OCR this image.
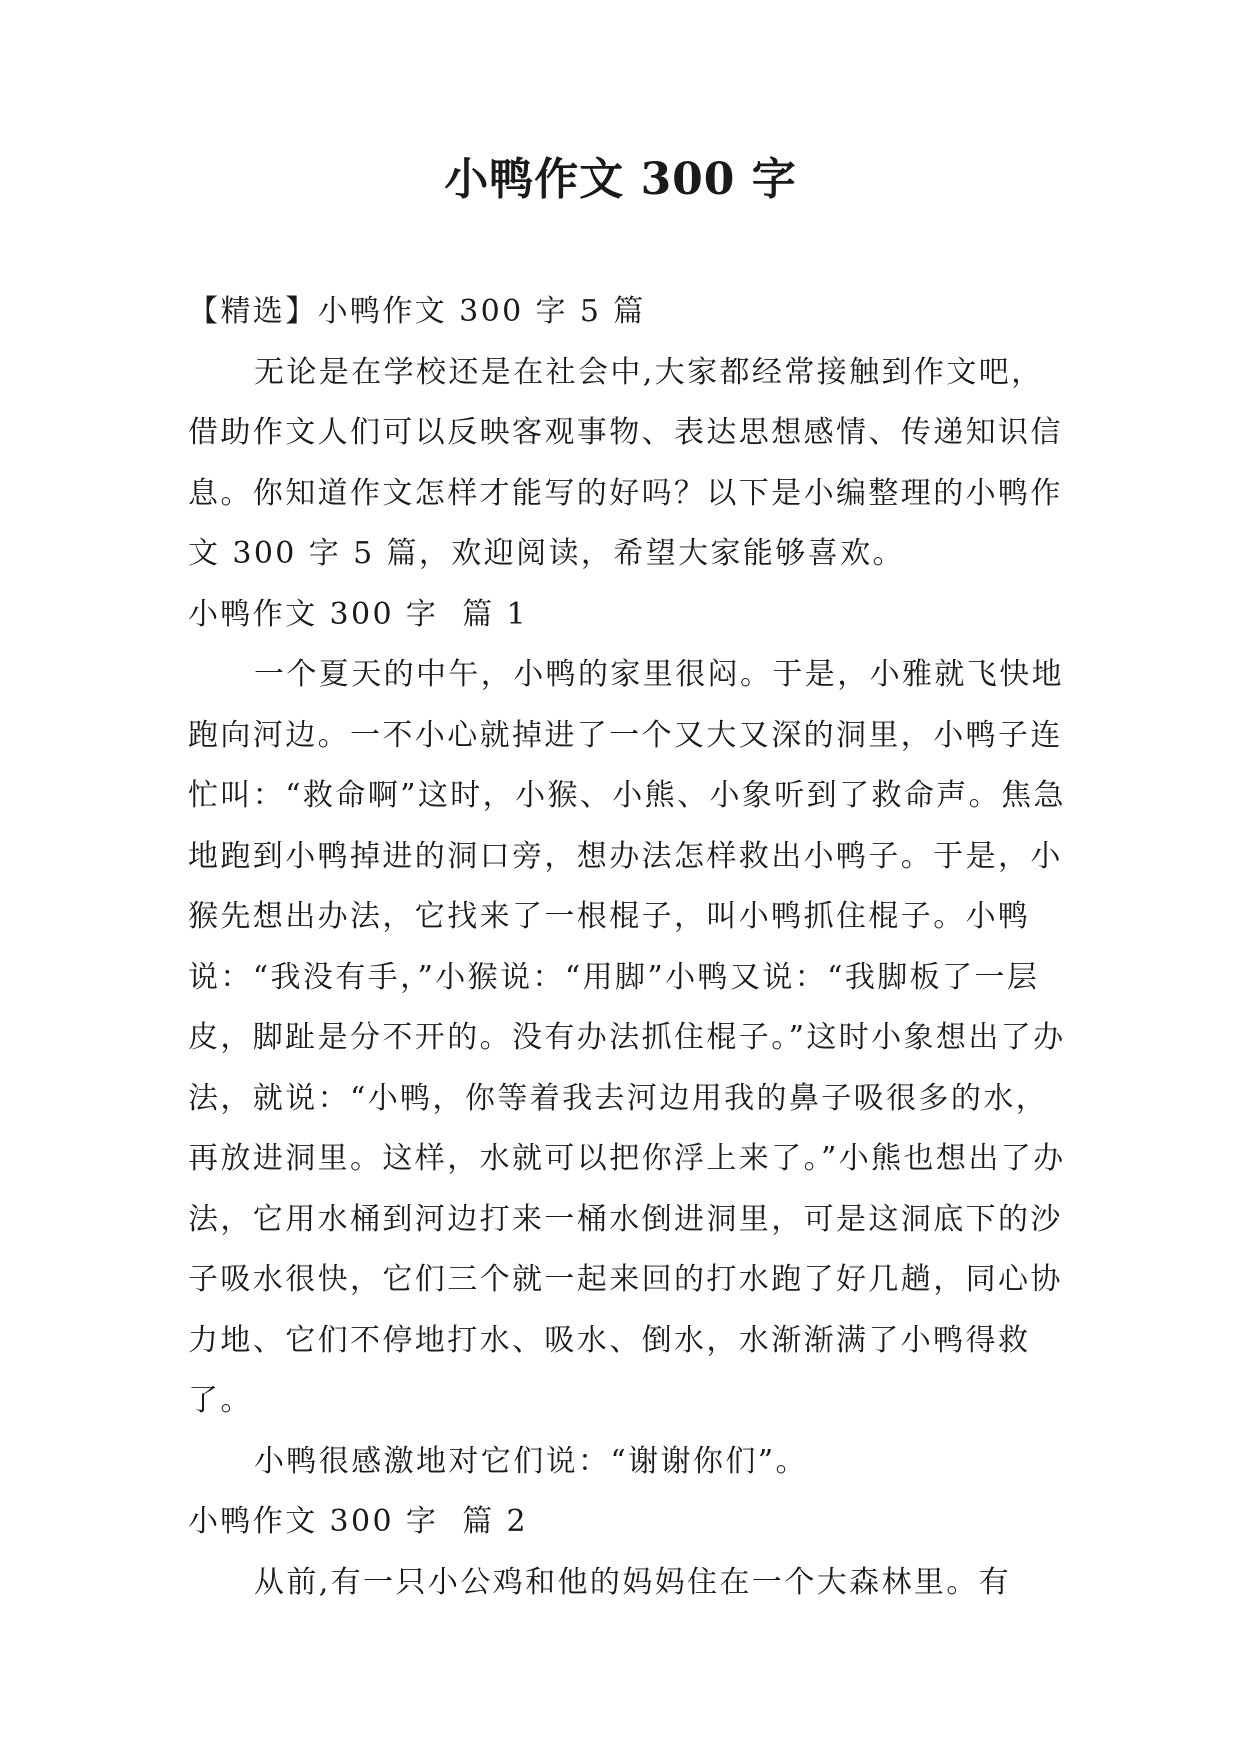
小鸭作文 300 字

【精选】小鸭作文 300 字 5 篇

无论是在学校还是在社会中,大家都经常接触到作文吧，借助作文人们可以反映客观事物、表达思想感情、传递知识信息。你知道作文怎样才能写的好吗？以下是小编整理的小鸭作文 300 字 5 篇，欢迎阅读，希望大家能够喜欢。

小鸭作文 300 字  篇 1

一个夏天的中午，小鸭的家里很闷。于是，小雅就飞快地跑向河边。一不小心就掉进了一个又大又深的洞里，小鸭子连忙叫：“救命啊”这时，小猴、小熊、小象听到了救命声。焦急地跑到小鸭掉进的洞口旁，想办法怎样救出小鸭子。于是，小猴先想出办法，它找来了一根棍子，叫小鸭抓住棍子。小鸭说：“我没有手，”小猴说：“用脚”小鸭又说：“我脚板了一层皮，脚趾是分不开的。没有办法抓住棍子。”这时小象想出了办法，就说：“小鸭，你等着我去河边用我的鼻子吸很多的水，再放进洞里。这样，水就可以把你浮上来了。”小熊也想出了办法，它用水桶到河边打来一桶水倒进洞里，可是这洞底下的沙子吸水很快，它们三个就一起来回的打水跑了好几趟，同心协力地、它们不停地打水、吸水、倒水，水渐渐满了小鸭得救了。

小鸭很感激地对它们说：“谢谢你们”。

小鸭作文 300 字  篇 2

从前,有一只小公鸡和他的妈妈住在一个大森林里。有
